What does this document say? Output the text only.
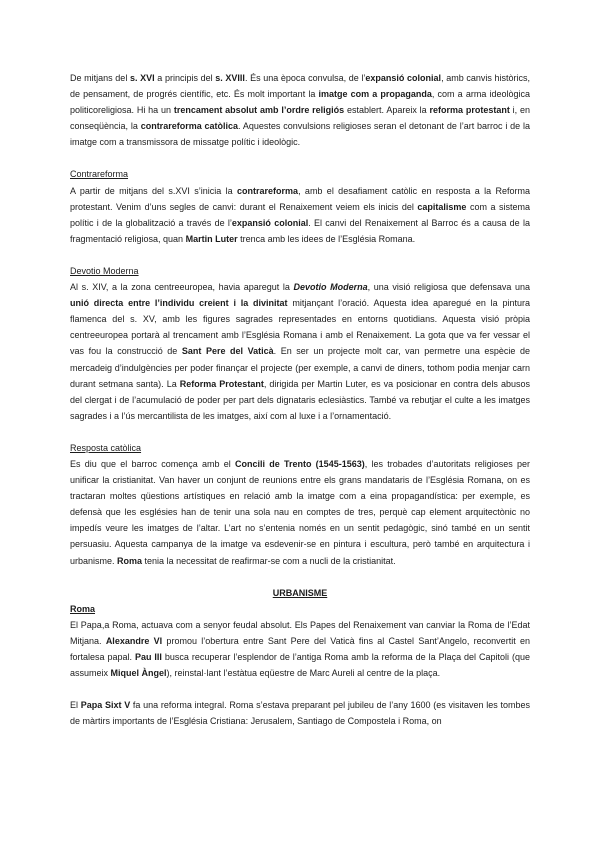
De mitjans del s. XVI a principis del s. XVIII. És una època convulsa, de l’expansió colonial, amb canvis històrics, de pensament, de progrés científic, etc. És molt important la imatge com a propaganda, com a arma ideològica politicoreligiosa. Hi ha un trencament absolut amb l’ordre religiós establert. Apareix la reforma protestant i, en conseqüència, la contrareforma catòlica. Aquestes convulsions religioses seran el detonant de l’art barroc i de la imatge com a transmissora de missatge polític i ideològic.

Contrareforma

A partir de mitjans del s.XVI s’inicia la contrareforma, amb el desafiament catòlic en resposta a la Reforma protestant. Venim d’uns segles de canvi: durant el Renaixement veiem els inicis del capitalisme com a sistema polític i de la globalització a través de l’expansió colonial. El canvi del Renaixement al Barroc és a causa de la fragmentació religiosa, quan Martin Luter trenca amb les idees de l’Església Romana.

Devotio Moderna

Al s. XIV, a la zona centreeuropea, havia aparegut la Devotio Moderna, una visió religiosa que defensava una unió directa entre l’individu creient i la divinitat mitjançant l’oració. Aquesta idea aparegué en la pintura flamenca del s. XV, amb les figures sagrades representades en entorns quotidians. Aquesta visió pròpia centreeuropea portarà al trencament amb l’Església Romana i amb el Renaixement. La gota que va fer vessar el vas fou la construcció de Sant Pere del Vaticà. En ser un projecte molt car, van permetre una espècie de mercadeig d’indulgències per poder finançar el projecte (per exemple, a canvi de diners, tothom podia menjar carn durant setmana santa). La Reforma Protestant, dirigida per Martin Luter, es va posicionar en contra dels abusos del clergat i de l’acumulació de poder per part dels dignataris eclesiàstics. També va rebutjar el culte a les imatges sagrades i a l’ús mercantilista de les imatges, així com al luxe i a l’ornamentació.

Resposta catòlica

Es diu que el barroc comença amb el Concili de Trento (1545-1563), les trobades d’autoritats religioses per unificar la cristianitat. Van haver un conjunt de reunions entre els grans mandataris de l’Església Romana, on es tractaran moltes qüestions artístiques en relació amb la imatge com a eina propagandística: per exemple, es defensà que les esglésies han de tenir una sola nau en comptes de tres, perquè cap element arquitectònic no impedís veure les imatges de l’altar. L’art no s’entenia només en un sentit pedagògic, sinó també en un sentit persuasiu. Aquesta campanya de la imatge va esdevenir-se en pintura i escultura, però també en arquitectura i urbanisme. Roma tenia la necessitat de reafirmar-se com a nucli de la cristianitat.

URBANISME

Roma

El Papa,a Roma, actuava com a senyor feudal absolut. Els Papes del Renaixement van canviar la Roma de l’Edat Mitjana. Alexandre VI promou l’obertura entre Sant Pere del Vaticà fins al Castel Sant’Angelo, reconvertit en fortalesa papal. Pau III busca recuperar l’esplendor de l’antiga Roma amb la reforma de la Plaça del Capitoli (que assumeix Miquel Àngel), reinstal·lant l’estàtua eqüestre de Marc Aureli al centre de la plaça.

El Papa Sixt V fa una reforma integral. Roma s’estava preparant pel jubileu de l’any 1600 (es visitaven les tombes de màrtirs importants de l’Església Cristiana: Jerusalem, Santiago de Compostela i Roma, on
